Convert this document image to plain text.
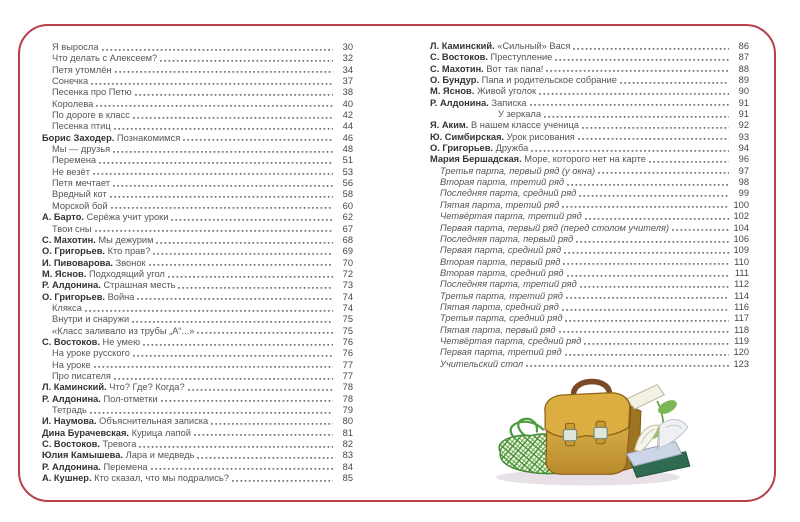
Я выросла	30
Что делать с Алексеем?	32
Петя утомлён	34
Сонечка	37
Песенка про Петю	38
Королева	40
По дороге в класс	42
Песенка птиц	44
Борис Заходер. Познакомимся	46
Мы — друзья	48
Перемена	51
Не везёт	53
Петя мечтает	56
Вредный кот	58
Морской бой	60
А. Барто. Серёжа учит уроки	62
Твои сны	67
С. Махотин. Мы дежурим	68
О. Григорьев. Кто прав?	69
И. Пивоварова. Звонок	70
М. Яснов. Подходящий угол	72
Р. Алдонина. Страшная месть	73
О. Григорьев. Война	74
Клякса	74
Внутри и снаружи	75
«Класс заливало из трубы „А“...»	75
С. Востоков. Не умею	76
На уроке русского	76
На уроке	77
Про писателя	77
Л. Каминский. Что? Где? Когда?	78
Р. Алдонина. Пол-отметки	78
Тетрадь	79
И. Наумова. Объяснительная записка	80
Дина Бурачевская. Курица лапой	81
С. Востоков. Тревога	82
Юлия Камышева. Лара и медведь	83
Р. Алдонина. Перемена	84
А. Кушнер. Кто сказал, что мы подрались?	85
Л. Каминский. «Сильный» Вася	86
С. Востоков. Преступление	87
С. Махотин. Вот так папа!	88
О. Бундур. Папа и родительское собрание	89
М. Яснов. Живой уголок	90
Р. Алдонина. Записка	91
У зеркала	91
Я. Аким. В нашем классе ученица	92
Ю. Симбирская. Урок рисования	93
О. Григорьев. Дружба	94
Мария Бершадская. Море, которого нет на карте	96
Третья парта, первый ряд (у окна)	97
Вторая парта, третий ряд	98
Последняя парта, средний ряд	99
Пятая парта, третий ряд	100
Четвёртая парта, третий ряд	102
Первая парта, первый ряд (перед столом учителя)	104
Последняя парта, первый ряд	106
Первая парта, средний ряд	109
Вторая парта, первый ряд	110
Вторая парта, средний ряд	111
Последняя парта, третий ряд	112
Третья парта, третий ряд	114
Пятая парта, средний ряд	116
Третья парта, средний ряд	117
Пятая парта, первый ряд	118
Четвёртая парта, средний ряд	119
Первая парта, третий ряд	120
Учительский стол	123
